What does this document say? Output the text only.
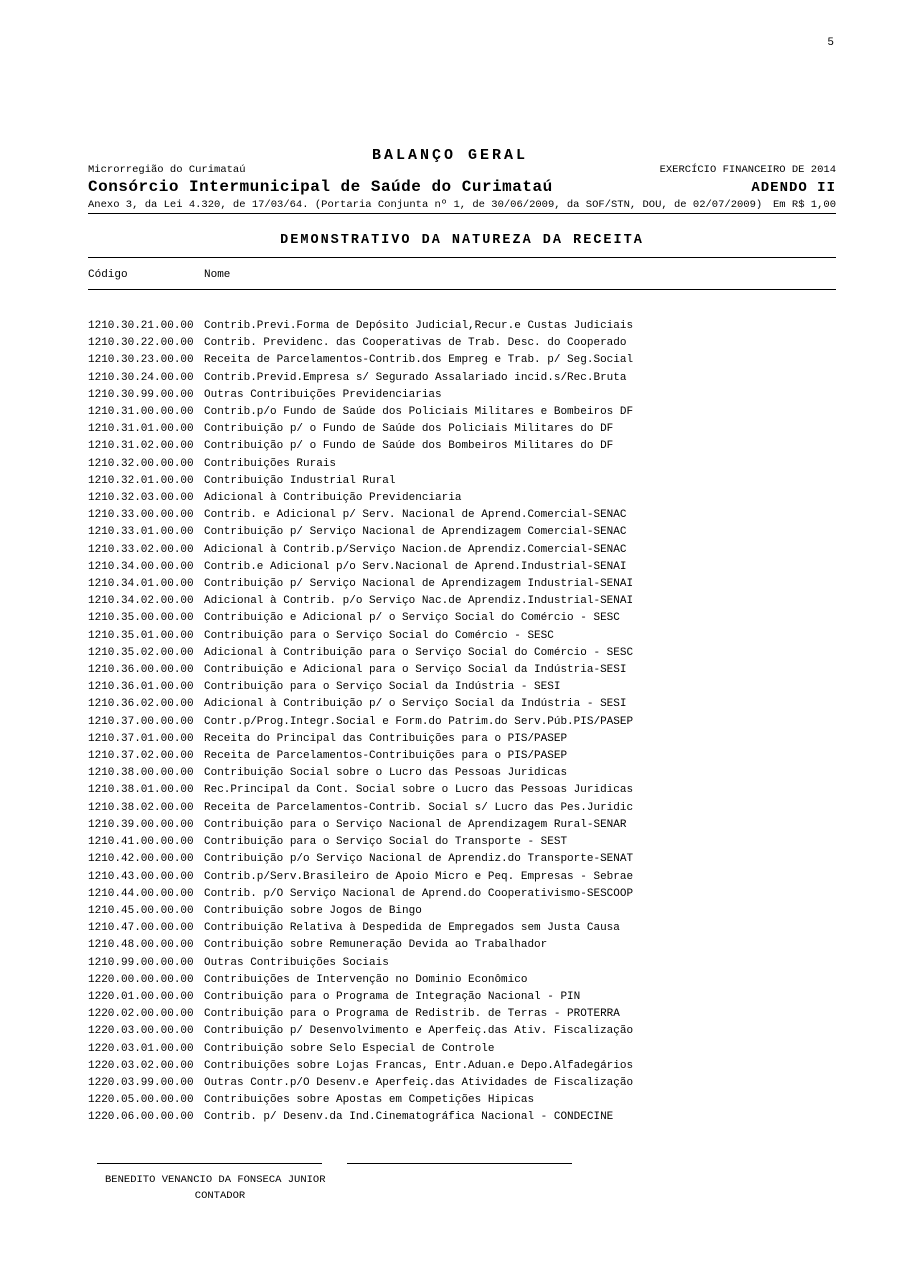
5
BALANÇO GERAL
Microrregião do Curimataú	EXERCÍCIO FINANCEIRO DE 2014
Consórcio Intermunicipal de Saúde do Curimataú	ADENDO II
Anexo 3, da Lei 4.320, de 17/03/64. (Portaria Conjunta nº 1, de 30/06/2009, da SOF/STN, DOU, de 02/07/2009) Em R$ 1,00
DEMONSTRATIVO DA NATUREZA DA RECEITA
Código	Nome
1210.30.21.00.00 Contrib.Previ.Forma de Depósito Judicial,Recur.e Custas Judiciais
1210.30.22.00.00 Contrib. Previdenc. das Cooperativas de Trab. Desc. do Cooperado
1210.30.23.00.00 Receita de Parcelamentos-Contrib.dos Empreg e Trab. p/ Seg.Social
1210.30.24.00.00 Contrib.Previd.Empresa s/ Segurado Assalariado incid.s/Rec.Bruta
1210.30.99.00.00 Outras Contribuições Previdenciarias
1210.31.00.00.00 Contrib.p/o Fundo de Saúde dos Policiais Militares e Bombeiros DF
1210.31.01.00.00 Contribuição p/ o Fundo de Saúde dos Policiais Militares do DF
1210.31.02.00.00 Contribuição p/ o Fundo de Saúde dos Bombeiros Militares do DF
1210.32.00.00.00 Contribuições Rurais
1210.32.01.00.00 Contribuição Industrial Rural
1210.32.03.00.00 Adicional à Contribuição Previdenciaria
1210.33.00.00.00 Contrib. e Adicional p/ Serv. Nacional de Aprend.Comercial-SENAC
1210.33.01.00.00 Contribuição p/ Serviço Nacional de Aprendizagem Comercial-SENAC
1210.33.02.00.00 Adicional à Contrib.p/Serviço Nacion.de Aprendiz.Comercial-SENAC
1210.34.00.00.00 Contrib.e Adicional p/o Serv.Nacional de Aprend.Industrial-SENAI
1210.34.01.00.00 Contribuição p/ Serviço Nacional de Aprendizagem Industrial-SENAI
1210.34.02.00.00 Adicional à Contrib. p/o Serviço Nac.de Aprendiz.Industrial-SENAI
1210.35.00.00.00 Contribuição e Adicional p/ o Serviço Social do Comércio - SESC
1210.35.01.00.00 Contribuição para o Serviço Social do Comércio - SESC
1210.35.02.00.00 Adicional à Contribuição para o Serviço Social do Comércio - SESC
1210.36.00.00.00 Contribuição e Adicional para o Serviço Social da Indústria-SESI
1210.36.01.00.00 Contribuição para o Serviço Social da Indústria - SESI
1210.36.02.00.00 Adicional à Contribuição p/ o Serviço Social da Indústria - SESI
1210.37.00.00.00 Contr.p/Prog.Integr.Social e Form.do Patrim.do Serv.Púb.PIS/PASEP
1210.37.01.00.00 Receita do Principal das Contribuições para o PIS/PASEP
1210.37.02.00.00 Receita de Parcelamentos-Contribuições para o PIS/PASEP
1210.38.00.00.00 Contribuição Social sobre o Lucro das Pessoas Juridicas
1210.38.01.00.00 Rec.Principal da Cont. Social sobre o Lucro das Pessoas Juridicas
1210.38.02.00.00 Receita de Parcelamentos-Contrib. Social s/ Lucro das Pes.Juridic
1210.39.00.00.00 Contribuição para o Serviço Nacional de Aprendizagem Rural-SENAR
1210.41.00.00.00 Contribuição para o Serviço Social do Transporte - SEST
1210.42.00.00.00 Contribuição p/o Serviço Nacional de Aprendiz.do Transporte-SENAT
1210.43.00.00.00 Contrib.p/Serv.Brasileiro de Apoio Micro e Peq. Empresas - Sebrae
1210.44.00.00.00 Contrib. p/O Serviço Nacional de Aprend.do Cooperativismo-SESCOOP
1210.45.00.00.00 Contribuição sobre Jogos de Bingo
1210.47.00.00.00 Contribuição Relativa à Despedida de Empregados sem Justa Causa
1210.48.00.00.00 Contribuição sobre Remuneração Devida ao Trabalhador
1210.99.00.00.00 Outras Contribuições Sociais
1220.00.00.00.00 Contribuições de Intervenção no Dominio Econômico
1220.01.00.00.00 Contribuição para o Programa de Integração Nacional - PIN
1220.02.00.00.00 Contribuição para o Programa de Redistrib. de Terras - PROTERRA
1220.03.00.00.00 Contribuição p/ Desenvolvimento e Aperfeiç.das Ativ. Fiscalização
1220.03.01.00.00 Contribuição sobre Selo Especial de Controle
1220.03.02.00.00 Contribuições sobre Lojas Francas, Entr.Aduan.e Depo.Alfadegários
1220.03.99.00.00 Outras Contr.p/O Desenv.e Aperfeiç.das Atividades de Fiscalização
1220.05.00.00.00 Contribuições sobre Apostas em Competições Hipicas
1220.06.00.00.00 Contrib. p/ Desenv.da Ind.Cinematográfica Nacional - CONDECINE
BENEDITO VENANCIO DA FONSECA JUNIOR
CONTADOR
